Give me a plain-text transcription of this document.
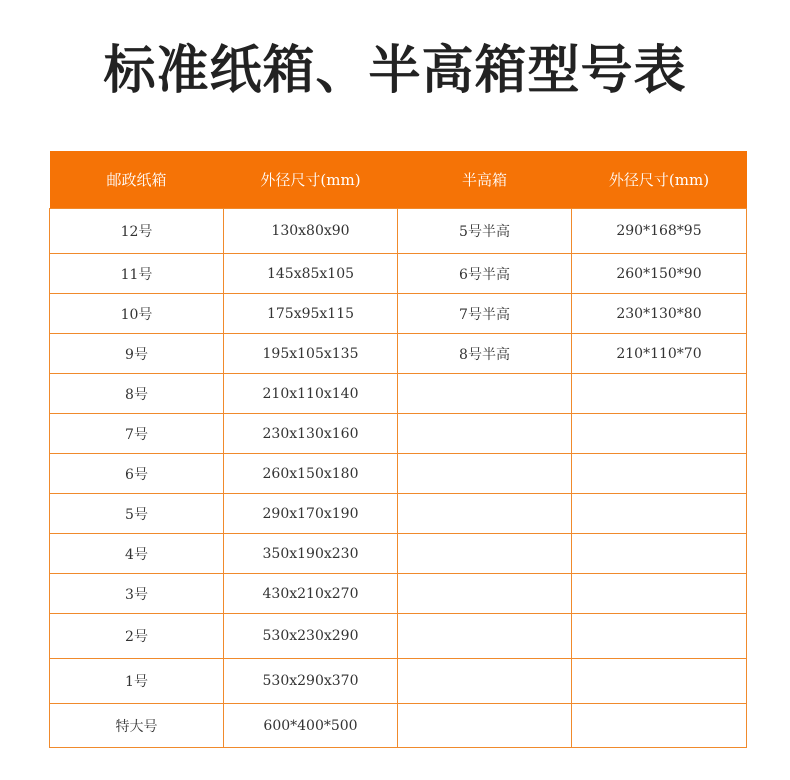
标准纸箱、半高箱型号表
邮政纸箱	外径尺寸(mm)	半高箱	外径尺寸(mm)
12号	130x80x90	5号半高	290*168*95
11号	145x85x105	6号半高	260*150*90
10号	175x95x115	7号半高	230*130*80
9号	195x105x135	8号半高	210*110*70
8号	210x110x140		
7号	230x130x160		
6号	260x150x180		
5号	290x170x190		
4号	350x190x230		
3号	430x210x270		
2号	530x230x290		
1号	530x290x370		
特大号	600*400*500		
